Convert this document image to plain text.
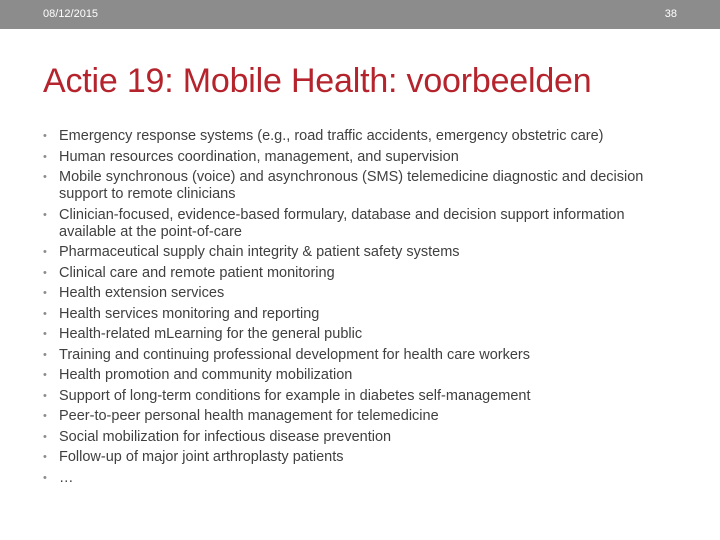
08/12/2015	38
Actie 19: Mobile Health: voorbeelden
• Emergency response systems (e.g., road traffic accidents, emergency obstetric care)
• Human resources coordination, management, and supervision
• Mobile synchronous (voice) and asynchronous (SMS) telemedicine diagnostic and decision support to remote clinicians
• Clinician-focused, evidence-based formulary, database and decision support information available at the point-of-care
• Pharmaceutical supply chain integrity & patient safety systems
• Clinical care and remote patient monitoring
• Health extension services
• Health services monitoring and reporting
• Health-related mLearning for the general public
• Training and continuing professional development for health care workers
• Health promotion and community mobilization
• Support of long-term conditions for example in diabetes self-management
• Peer-to-peer personal health management for telemedicine
• Social mobilization for infectious disease prevention
• Follow-up of major joint arthroplasty patients
• …
